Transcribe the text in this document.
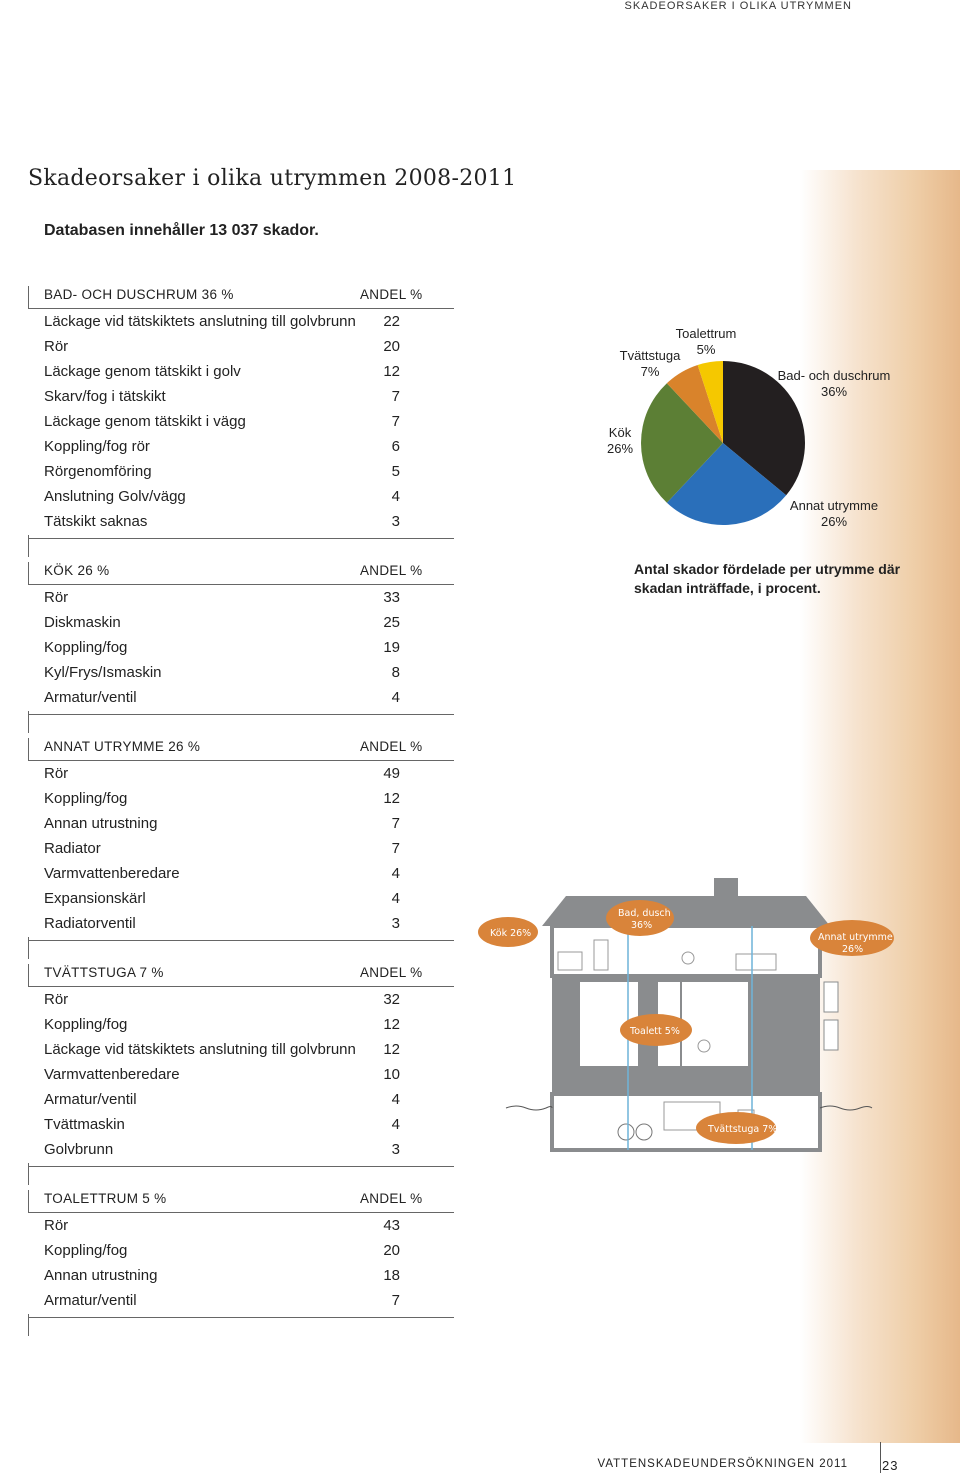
SKADEORSAKER I OLIKA UTRYMMEN
Skadeorsaker i olika utrymmen 2008-2011
Databasen innehåller 13 037 skador.
BAD- OCH DUSCHRUM 36 %	ANDEL %
Läckage vid tätskiktets anslutning till golvbrunn	22
Rör	20
Läckage genom tätskikt i golv	12
Skarv/fog i tätskikt	7
Läckage genom tätskikt i vägg	7
Koppling/fog rör	6
Rörgenomföring	5
Anslutning Golv/vägg	4
Tätskikt saknas	3
KÖK 26 %	ANDEL %
Rör	33
Diskmaskin	25
Koppling/fog	19
Kyl/Frys/Ismaskin	8
Armatur/ventil	4
ANNAT UTRYMME 26 %	ANDEL %
Rör	49
Koppling/fog	12
Annan utrustning	7
Radiator	7
Varmvattenberedare	4
Expansionskärl	4
Radiatorventil	3
TVÄTTSTUGA 7 %	ANDEL %
Rör	32
Koppling/fog	12
Läckage vid tätskiktets anslutning till golvbrunn	12
Varmvattenberedare	10
Armatur/ventil	4
Tvättmaskin	4
Golvbrunn	3
TOALETTRUM 5 %	ANDEL %
Rör	43
Koppling/fog	20
Annan utrustning	18
Armatur/ventil	7
Bad- och duschrum
36%
Annat utrymme
26%
Kök
26%
Tvättstuga
7%
Toalettrum
5%
Antal skador fördelade per utrymme där skadan inträffade, i procent.
Kök 26%
Bad, dusch
36%
Annat utrymme
26%
Toalett 5%
Tvättstuga 7%
VATTENSKADEUNDERSÖKNINGEN 2011	23
